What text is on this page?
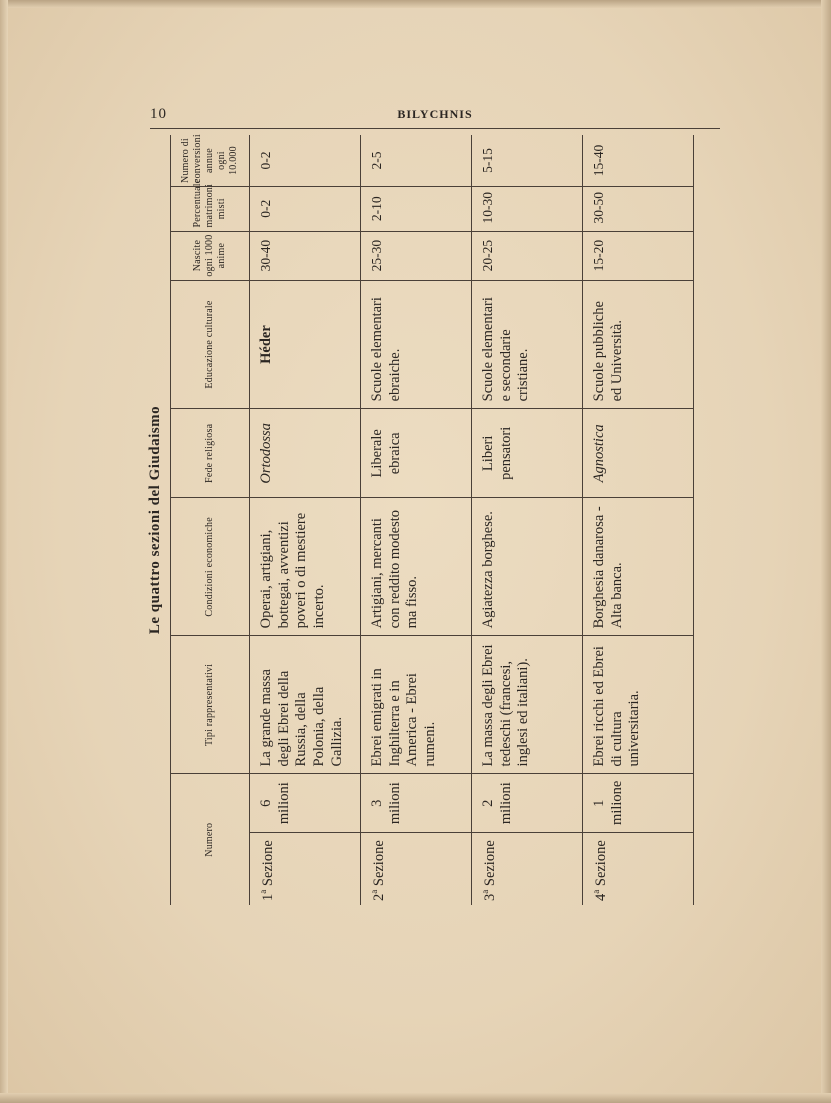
10	BILYCHNIS
Le quattro sezioni del Giudaismo
Numero		Tipi rappresentativi	Condizioni economiche	Fede religiosa	Educazione culturale	Nascite ogni 1000 anime	Percentuale matrimoni misti	Numero di conversioni annue ogni 10.000
1$^a$ Sezione	6 milioni	La grande massa degli Ebrei della Russia, della Polonia, della Gallizia.	Operai, artigiani, bottegai, avventizi poveri o di mestiere incerto.	Ortodossa	Héder	30-40	0-2	0-2
2$^a$ Sezione	3 milioni	Ebrei emigrati in Inghilterra e in America - Ebrei rumeni.	Artigiani, mercanti con reddito modesto ma fisso.	Liberale ebraica	Scuole elementari ebraiche.	25-30	2-10	2-5
3$^a$ Sezione	2 milioni	La massa degli Ebrei tedeschi (francesi, inglesi ed italiani).	Agiatezza borghese.	Liberi pensatori	Scuole elementari e secondarie cristiane.	20-25	10-30	5-15
4$^a$ Sezione	1 milione	Ebrei ricchi ed Ebrei di cultura universitaria.	Borghesia danarosa - Alta banca.	Agnostica	Scuole pubbliche ed Università.	15-20	30-50	15-40
